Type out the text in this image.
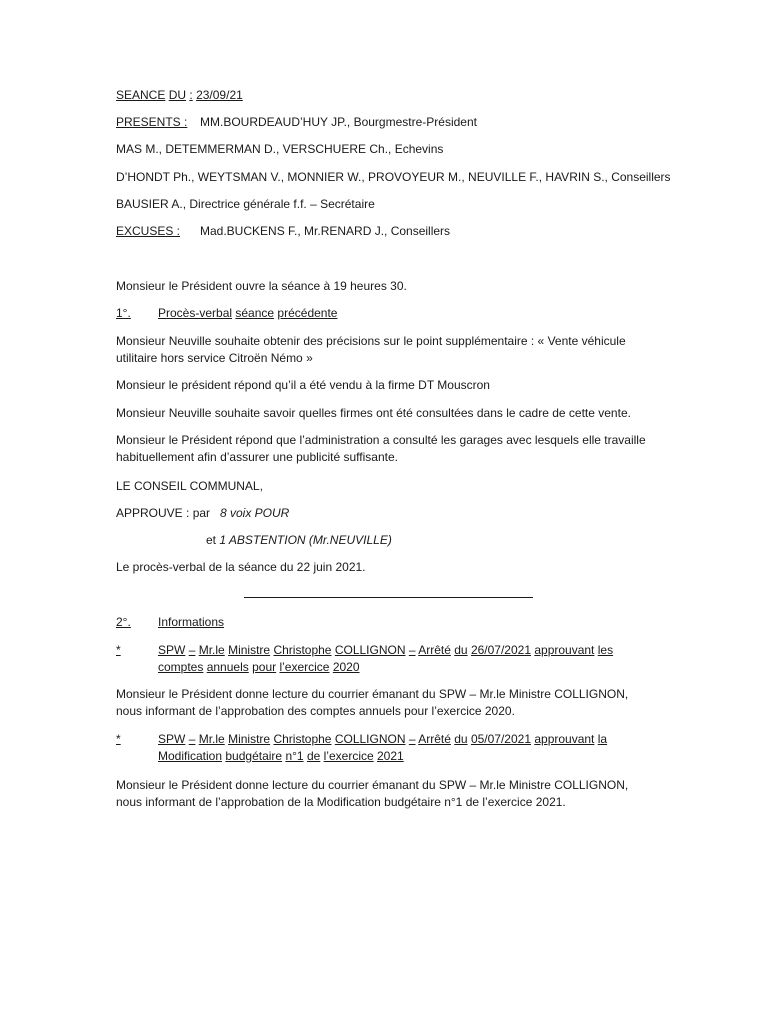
SEANCE DU : 23/09/21
PRESENTS : MM.BOURDEAUD’HUY JP., Bourgmestre-Président
MAS M., DETEMMERMAN D., VERSCHUERE Ch., Echevins
D’HONDT Ph., WEYTSMAN V., MONNIER W., PROVOYEUR M., NEUVILLE F., HAVRIN S., Conseillers
BAUSIER A., Directrice générale f.f. – Secrétaire
EXCUSES : Mad.BUCKENS F., Mr.RENARD J., Conseillers
Monsieur le Président ouvre la séance à 19 heures 30.
1°. Procès-verbal séance précédente
Monsieur Neuville souhaite obtenir des précisions sur le point supplémentaire : « Vente véhicule utilitaire hors service Citroën Némo »
Monsieur le président répond qu’il a été vendu à la firme DT Mouscron
Monsieur Neuville souhaite savoir quelles firmes ont été consultées dans le cadre de cette vente.
Monsieur le Président répond que l’administration a consulté les garages avec lesquels elle travaille habituellement afin d’assurer une publicité suffisante.
LE CONSEIL COMMUNAL,
APPROUVE : par 8 voix POUR
et 1 ABSTENTION (Mr.NEUVILLE)
Le procès-verbal de la séance du 22 juin 2021.
2°. Informations
*	SPW – Mr.le Ministre Christophe COLLIGNON – Arrêté du 26/07/2021 approuvant les
comptes annuels pour l’exercice 2020
Monsieur le Président donne lecture du courrier émanant du SPW – Mr.le Ministre COLLIGNON, nous informant de l’approbation des comptes annuels pour l’exercice 2020.
*	SPW – Mr.le Ministre Christophe COLLIGNON – Arrêté du 05/07/2021 approuvant la
Modification budgétaire n°1 de l’exercice 2021
Monsieur le Président donne lecture du courrier émanant du SPW – Mr.le Ministre COLLIGNON, nous informant de l’approbation de la Modification budgétaire n°1 de l’exercice 2021.
